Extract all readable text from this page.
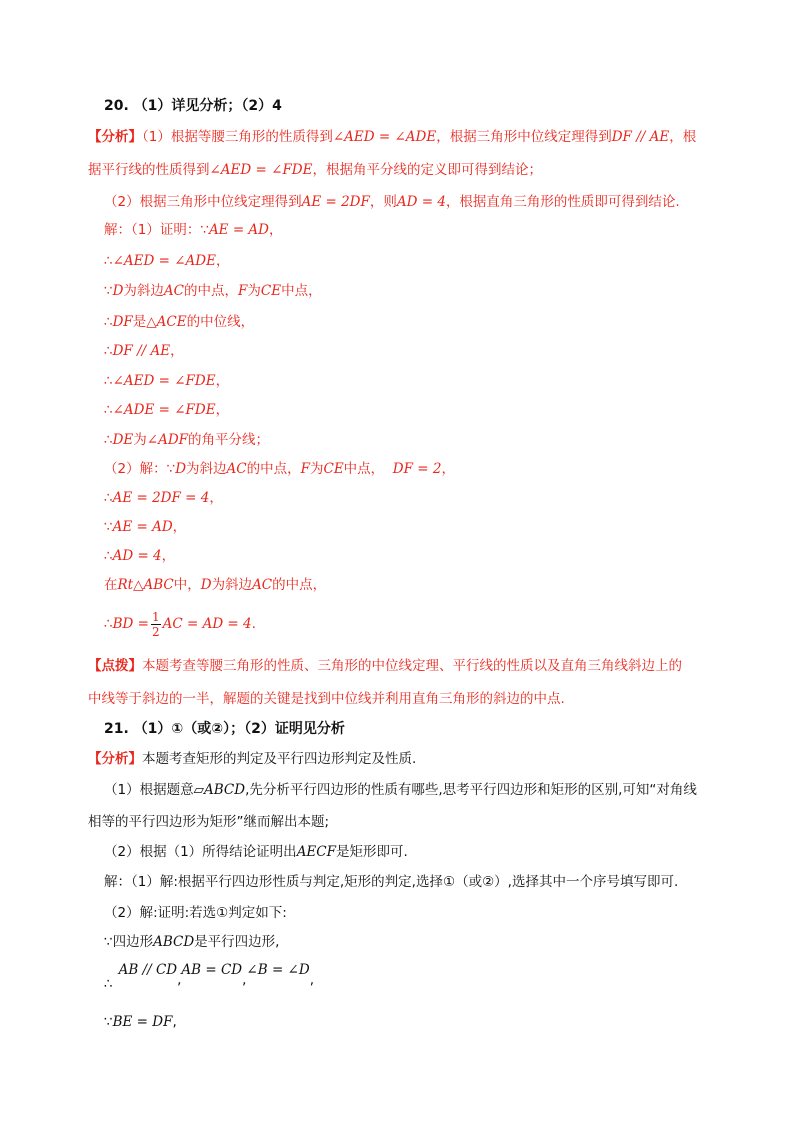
20. （1）详见分析；（2）4
【分析】（1）根据等腰三角形的性质得到∠AED = ∠ADE，根据三角形中位线定理得到DF // AE，根
据平行线的性质得到∠AED = ∠FDE，根据角平分线的定义即可得到结论；
（2）根据三角形中位线定理得到AE = 2DF，则AD = 4，根据直角三角形的性质即可得到结论.
解：（1）证明：∵AE = AD，
∴∠AED = ∠ADE，
∵D为斜边AC的中点，F为CE中点，
∴DF是△ACE的中位线，
∴DF // AE，
∴∠AED = ∠FDE，
∴∠ADE = ∠FDE，
∴DE为∠ADF的角平分线；
（2）解：∵D为斜边AC的中点，F为CE中点， DF = 2，
∴AE = 2DF = 4，
∵AE = AD，
∴AD = 4，
在Rt△ABC中，D为斜边AC的中点，
∴BD = $\frac{1}{2}$ AC = AD = 4.
【点拨】本题考查等腰三角形的性质、三角形的中位线定理、平行线的性质以及直角三角线斜边上的
中线等于斜边的一半，解题的关键是找到中位线并利用直角三角形的斜边的中点.
21. （1）①（或②）；（2）证明见分析
【分析】本题考查矩形的判定及平行四边形判定及性质.
（1）根据题意▱ABCD,先分析平行四边形的性质有哪些,思考平行四边形和矩形的区别,可知“对角线
相等的平行四边形为矩形”继而解出本题;
（2）根据（1）所得结论证明出AECF是矩形即可.
解：（1）解:根据平行四边形性质与判定,矩形的判定,选择①（或②）,选择其中一个序号填写即可.
（2）解:证明:若选①判定如下:
∵四边形ABCD是平行四边形,
∴AB // CD,AB = CD,∠B = ∠D,
∵BE = DF,
